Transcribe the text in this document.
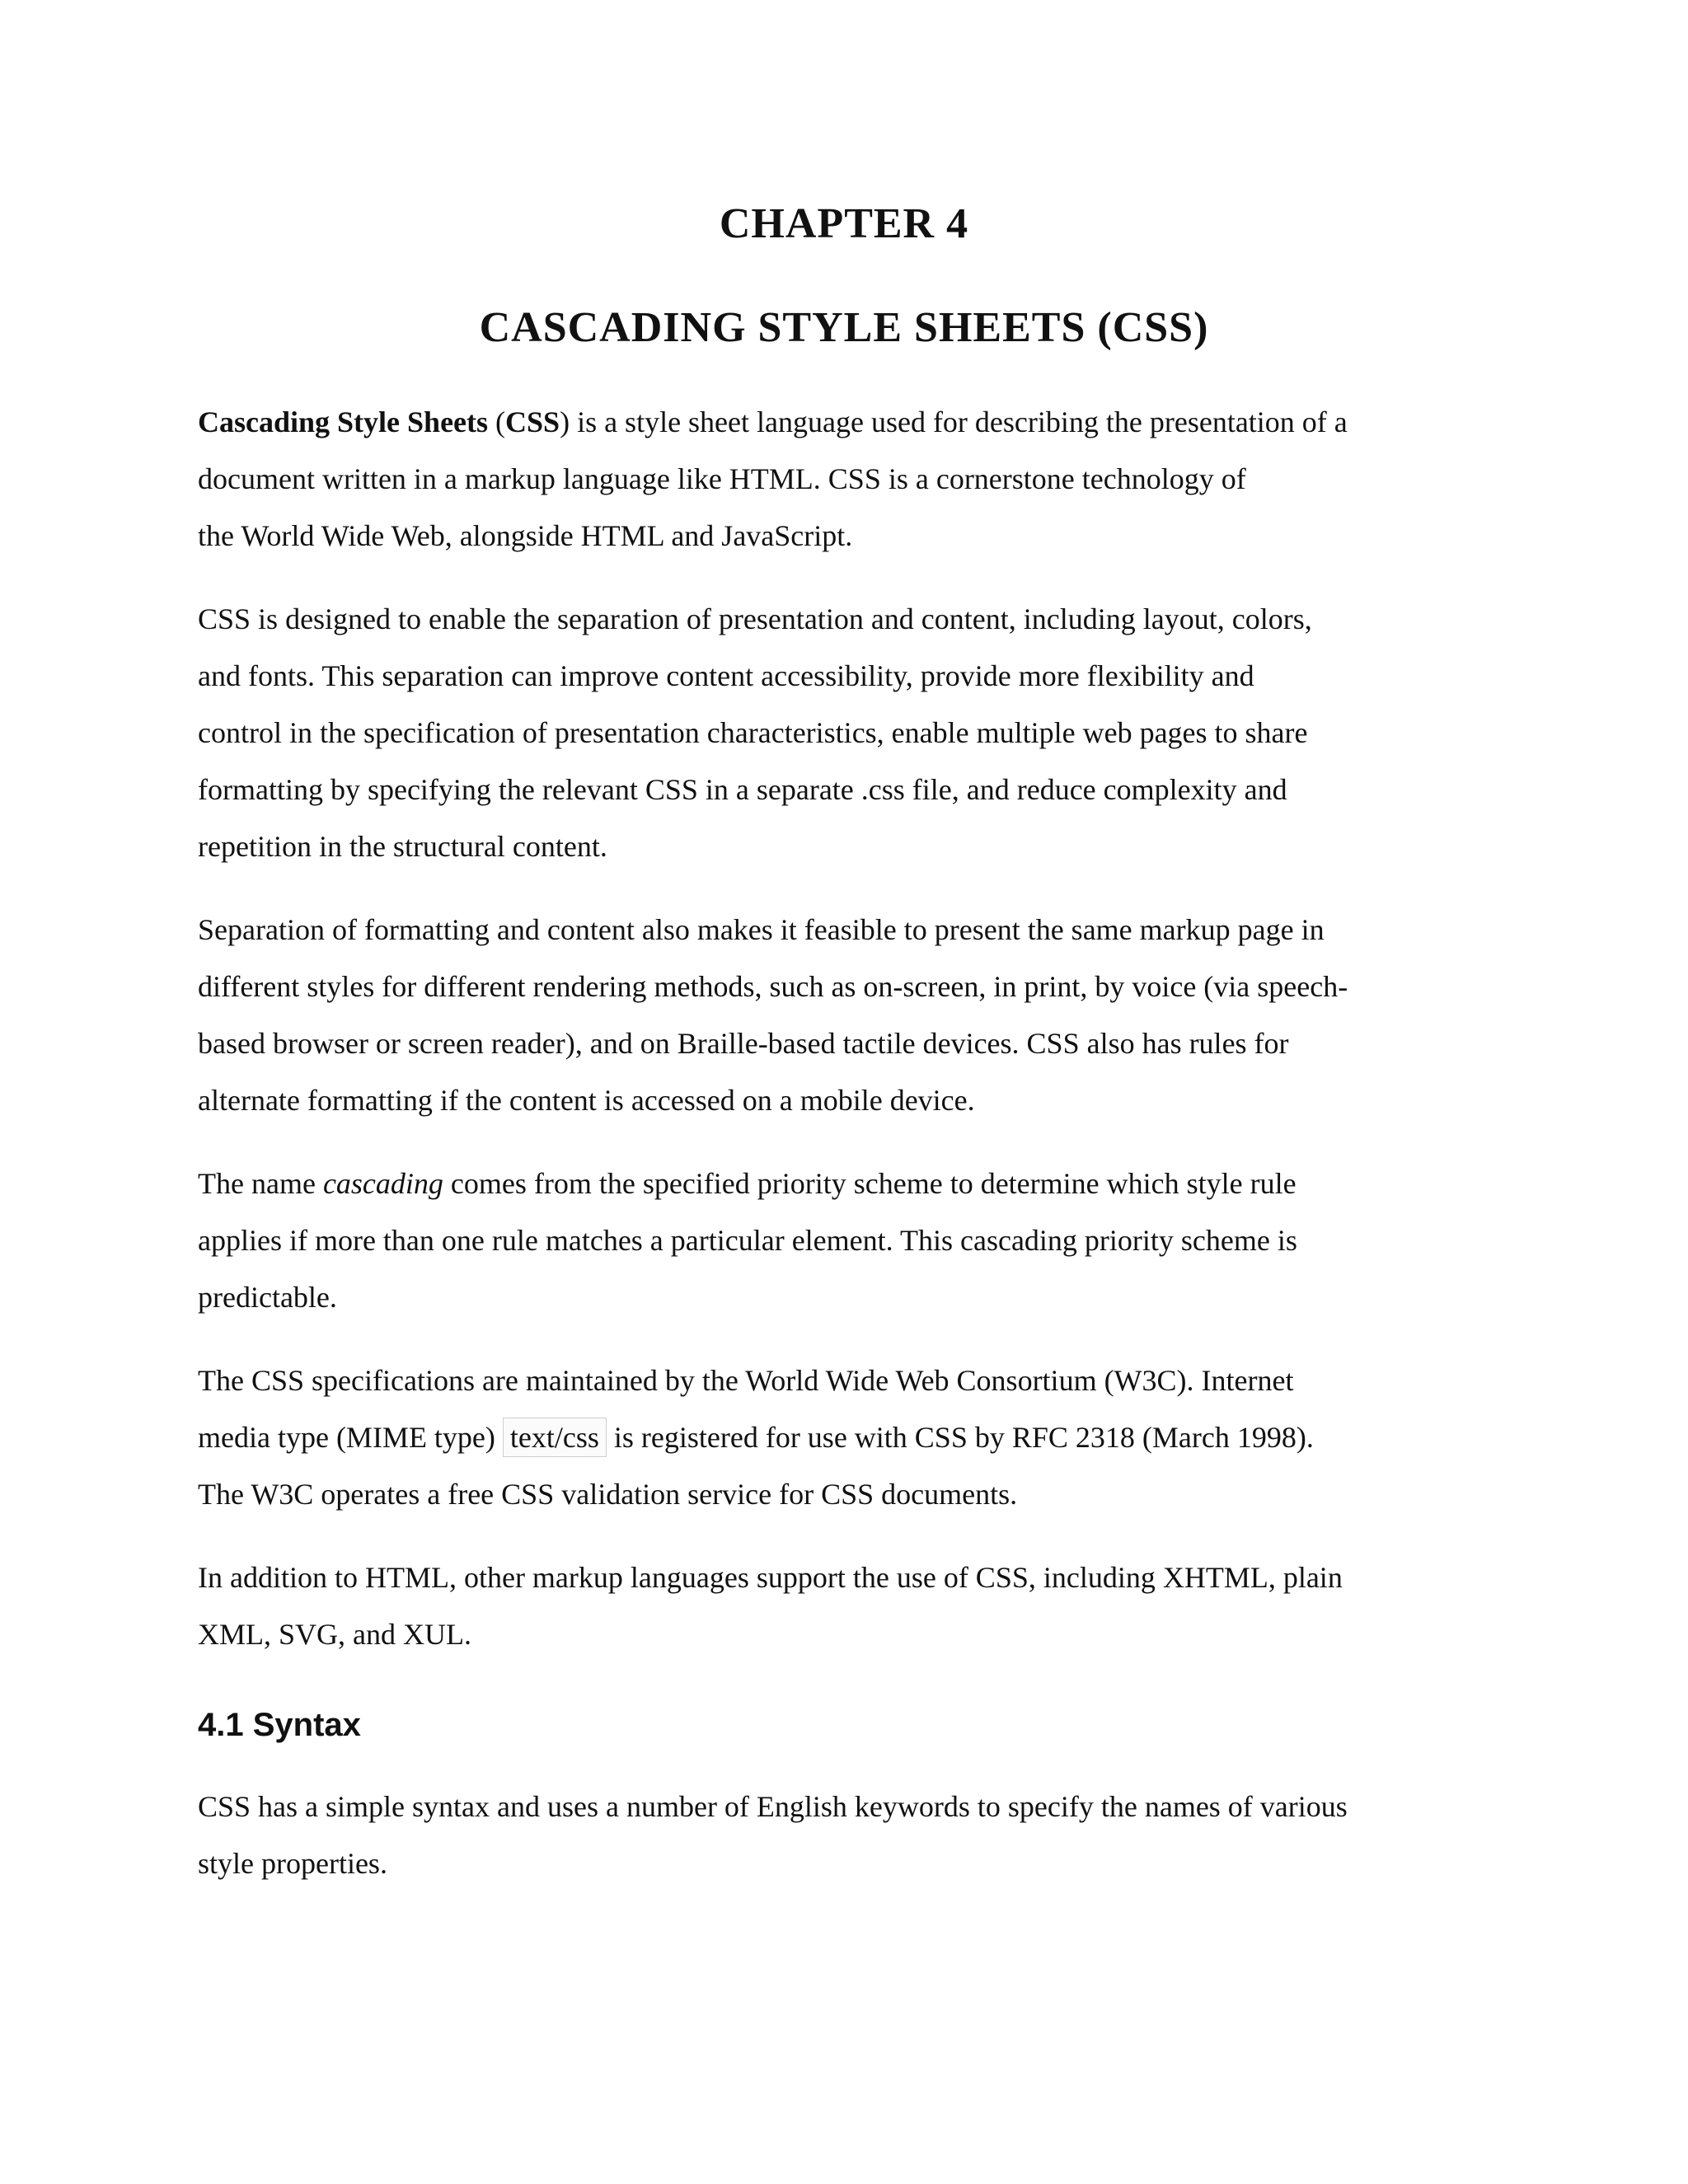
CHAPTER 4
CASCADING STYLE SHEETS (CSS)

Cascading Style Sheets (CSS) is a style sheet language used for describing the presentation of a
document written in a markup language like HTML. CSS is a cornerstone technology of
the World Wide Web, alongside HTML and JavaScript.

CSS is designed to enable the separation of presentation and content, including layout, colors,
and fonts. This separation can improve content accessibility, provide more flexibility and
control in the specification of presentation characteristics, enable multiple web pages to share
formatting by specifying the relevant CSS in a separate .css file, and reduce complexity and
repetition in the structural content.

Separation of formatting and content also makes it feasible to present the same markup page in
different styles for different rendering methods, such as on-screen, in print, by voice (via speech-
based browser or screen reader), and on Braille-based tactile devices. CSS also has rules for
alternate formatting if the content is accessed on a mobile device.

The name cascading comes from the specified priority scheme to determine which style rule
applies if more than one rule matches a particular element. This cascading priority scheme is
predictable.

The CSS specifications are maintained by the World Wide Web Consortium (W3C). Internet
media type (MIME type) text/css is registered for use with CSS by RFC 2318 (March 1998).
The W3C operates a free CSS validation service for CSS documents.

In addition to HTML, other markup languages support the use of CSS, including XHTML, plain
XML, SVG, and XUL.

4.1 Syntax

CSS has a simple syntax and uses a number of English keywords to specify the names of various
style properties.
